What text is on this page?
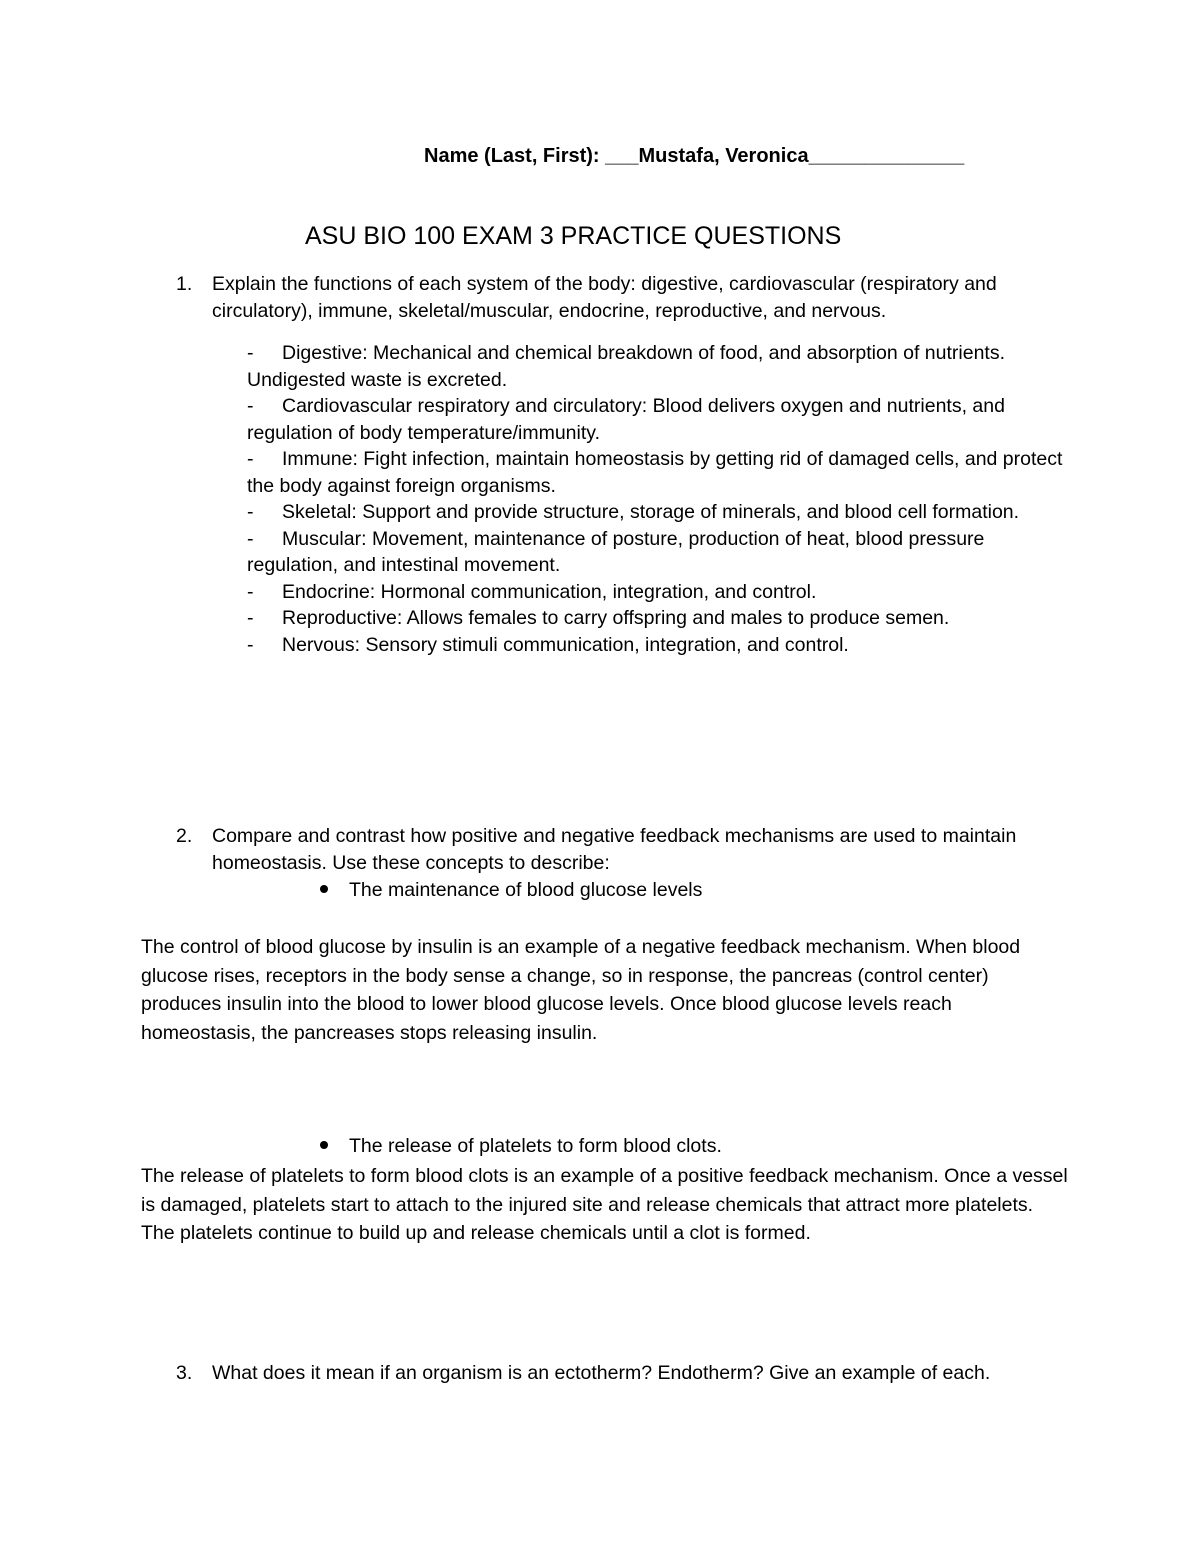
Name (Last, First): ___Mustafa, Veronica______________
ASU BIO 100 EXAM 3 PRACTICE QUESTIONS
1. Explain the functions of each system of the body: digestive, cardiovascular (respiratory and circulatory), immune, skeletal/muscular, endocrine, reproductive, and nervous.
- Digestive: Mechanical and chemical breakdown of food, and absorption of nutrients. Undigested waste is excreted.
- Cardiovascular respiratory and circulatory: Blood delivers oxygen and nutrients, and regulation of body temperature/immunity.
- Immune: Fight infection, maintain homeostasis by getting rid of damaged cells, and protect the body against foreign organisms.
- Skeletal: Support and provide structure, storage of minerals, and blood cell formation.
- Muscular: Movement, maintenance of posture, production of heat, blood pressure regulation, and intestinal movement.
- Endocrine: Hormonal communication, integration, and control.
- Reproductive: Allows females to carry offspring and males to produce semen.
- Nervous: Sensory stimuli communication, integration, and control.
2. Compare and contrast how positive and negative feedback mechanisms are used to maintain homeostasis. Use these concepts to describe:
The maintenance of blood glucose levels
The control of blood glucose by insulin is an example of a negative feedback mechanism. When blood glucose rises, receptors in the body sense a change, so in response, the pancreas (control center) produces insulin into the blood to lower blood glucose levels. Once blood glucose levels reach homeostasis, the pancreases stops releasing insulin.
The release of platelets to form blood clots.
The release of platelets to form blood clots is an example of a positive feedback mechanism. Once a vessel is damaged, platelets start to attach to the injured site and release chemicals that attract more platelets. The platelets continue to build up and release chemicals until a clot is formed.
3. What does it mean if an organism is an ectotherm? Endotherm? Give an example of each.
